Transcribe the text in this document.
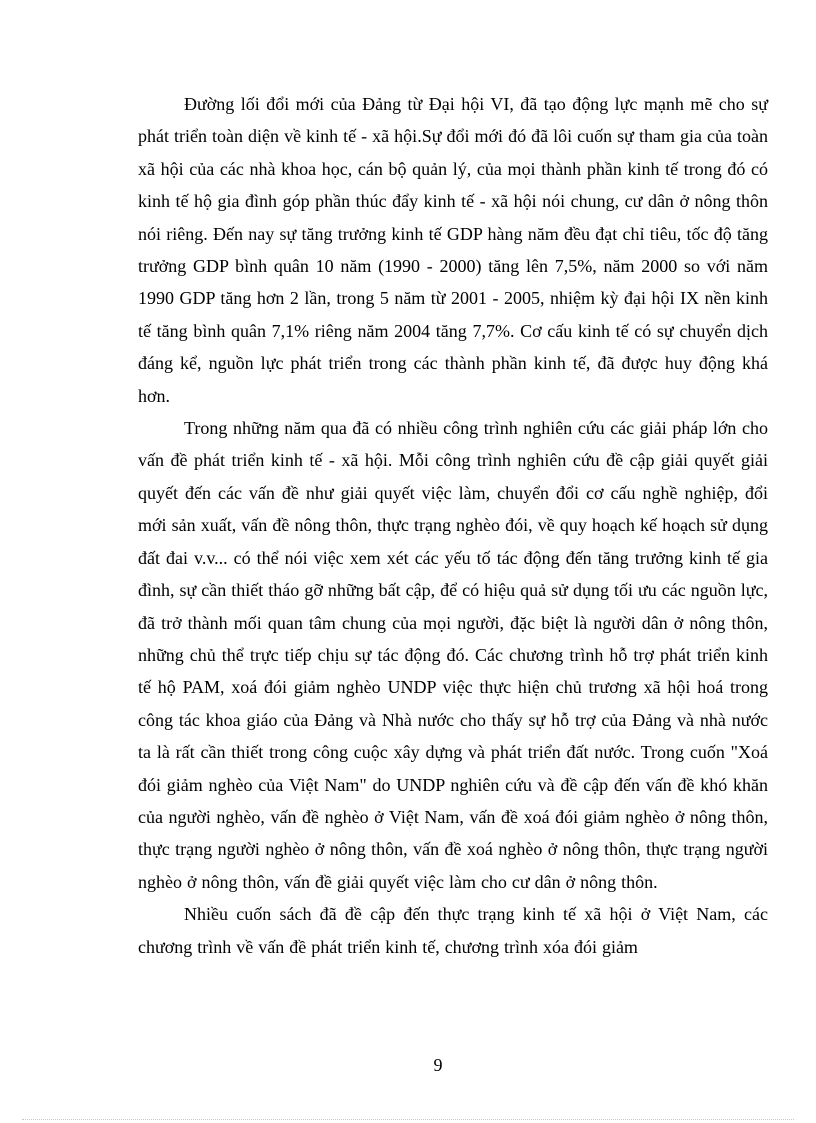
Đường lối đổi mới của Đảng từ Đại hội VI, đã tạo động lực mạnh mẽ cho sự phát triển toàn diện về kinh tế - xã hội.Sự đổi mới đó đã lôi cuốn sự tham gia của toàn xã hội của các nhà khoa học, cán bộ quản lý, của mọi thành phần kinh tế trong đó có kinh tế hộ gia đình góp phần thúc đẩy kinh tế - xã hội nói chung, cư dân ở nông thôn nói riêng. Đến nay sự tăng trưởng kinh tế GDP hàng năm đều đạt chỉ tiêu, tốc độ tăng trưởng GDP bình quân 10 năm (1990 - 2000) tăng lên 7,5%, năm 2000 so với năm 1990 GDP tăng hơn 2 lần, trong 5 năm từ 2001 - 2005, nhiệm kỳ đại hội IX nền kinh tế tăng bình quân 7,1% riêng năm 2004 tăng 7,7%. Cơ cấu kinh tế có sự chuyển dịch đáng kể, nguồn lực phát triển trong các thành phần kinh tế, đã được huy động khá hơn.

Trong những năm qua đã có nhiều công trình nghiên cứu các giải pháp lớn cho vấn đề phát triển kinh tế - xã hội. Mỗi công trình nghiên cứu đề cập giải quyết giải quyết đến các vấn đề như giải quyết việc làm, chuyển đổi cơ cấu nghề nghiệp, đổi mới sản xuất, vấn đề nông thôn, thực trạng nghèo đói, về quy hoạch kế hoạch sử dụng đất đai v.v... có thể nói việc xem xét các yếu tố tác động đến tăng trưởng kinh tế gia đình, sự cần thiết tháo gỡ những bất cập, để có hiệu quả sử dụng tối ưu các nguồn lực, đã trở thành mối quan tâm chung của mọi người, đặc biệt là người dân ở nông thôn, những chủ thể trực tiếp chịu sự tác động đó. Các chương trình hỗ trợ phát triển kinh tế hộ PAM, xoá đói giảm nghèo UNDP việc thực hiện chủ trương xã hội hoá trong công tác khoa giáo của Đảng và Nhà nước cho thấy sự hỗ trợ của Đảng và nhà nước ta là rất cần thiết trong công cuộc xây dựng và phát triển đất nước. Trong cuốn "Xoá đói giảm nghèo của Việt Nam" do UNDP nghiên cứu và đề cập đến vấn đề khó khăn của người nghèo, vấn đề nghèo ở Việt Nam, vấn đề xoá đói giảm nghèo ở nông thôn, thực trạng người nghèo ở nông thôn, vấn đề xoá nghèo ở nông thôn, thực trạng người nghèo ở nông thôn, vấn đề giải quyết việc làm cho cư dân ở nông thôn.

Nhiều cuốn sách đã đề cập đến thực trạng kinh tế xã hội ở Việt Nam, các chương trình về vấn đề phát triển kinh tế, chương trình xóa đói giảm

9
